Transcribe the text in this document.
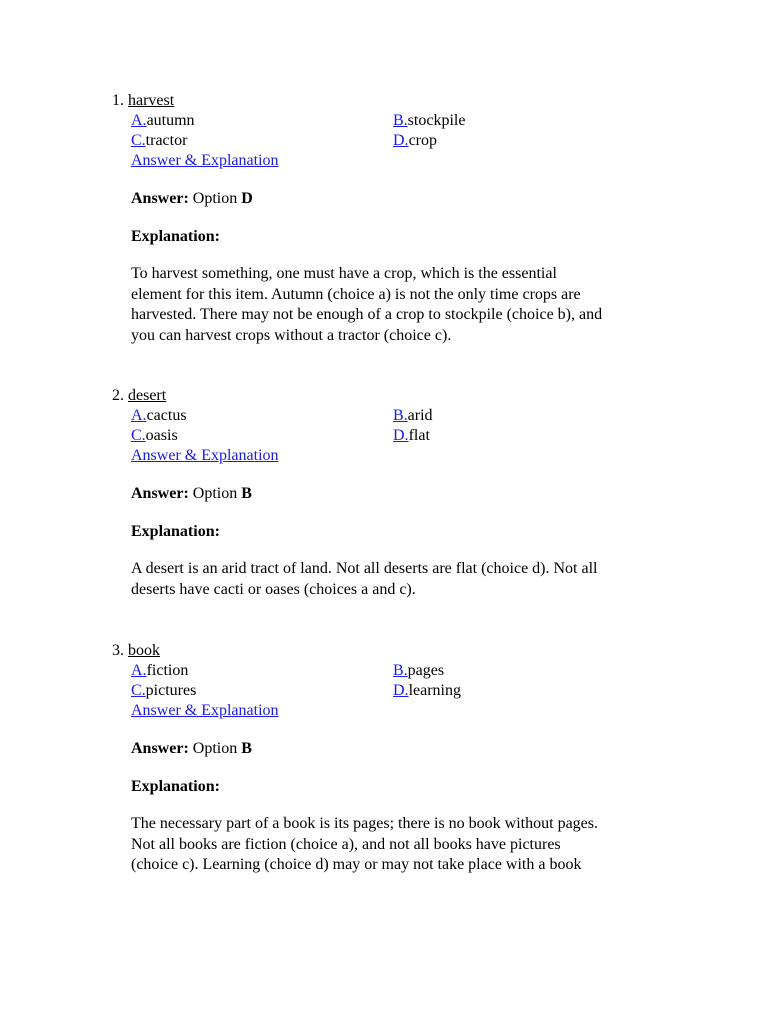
1. harvest
A.autumn	B.stockpile
C.tractor	D.crop
Answer & Explanation
Answer: Option D
Explanation:
To harvest something, one must have a crop, which is the essential
element for this item. Autumn (choice a) is not the only time crops are
harvested. There may not be enough of a crop to stockpile (choice b), and
you can harvest crops without a tractor (choice c).
2. desert
A.cactus	B.arid
C.oasis	D.flat
Answer & Explanation
Answer: Option B
Explanation:
A desert is an arid tract of land. Not all deserts are flat (choice d). Not all
deserts have cacti or oases (choices a and c).
3. book
A.fiction	B.pages
C.pictures	D.learning
Answer & Explanation
Answer: Option B
Explanation:
The necessary part of a book is its pages; there is no book without pages.
Not all books are fiction (choice a), and not all books have pictures
(choice c). Learning (choice d) may or may not take place with a book
